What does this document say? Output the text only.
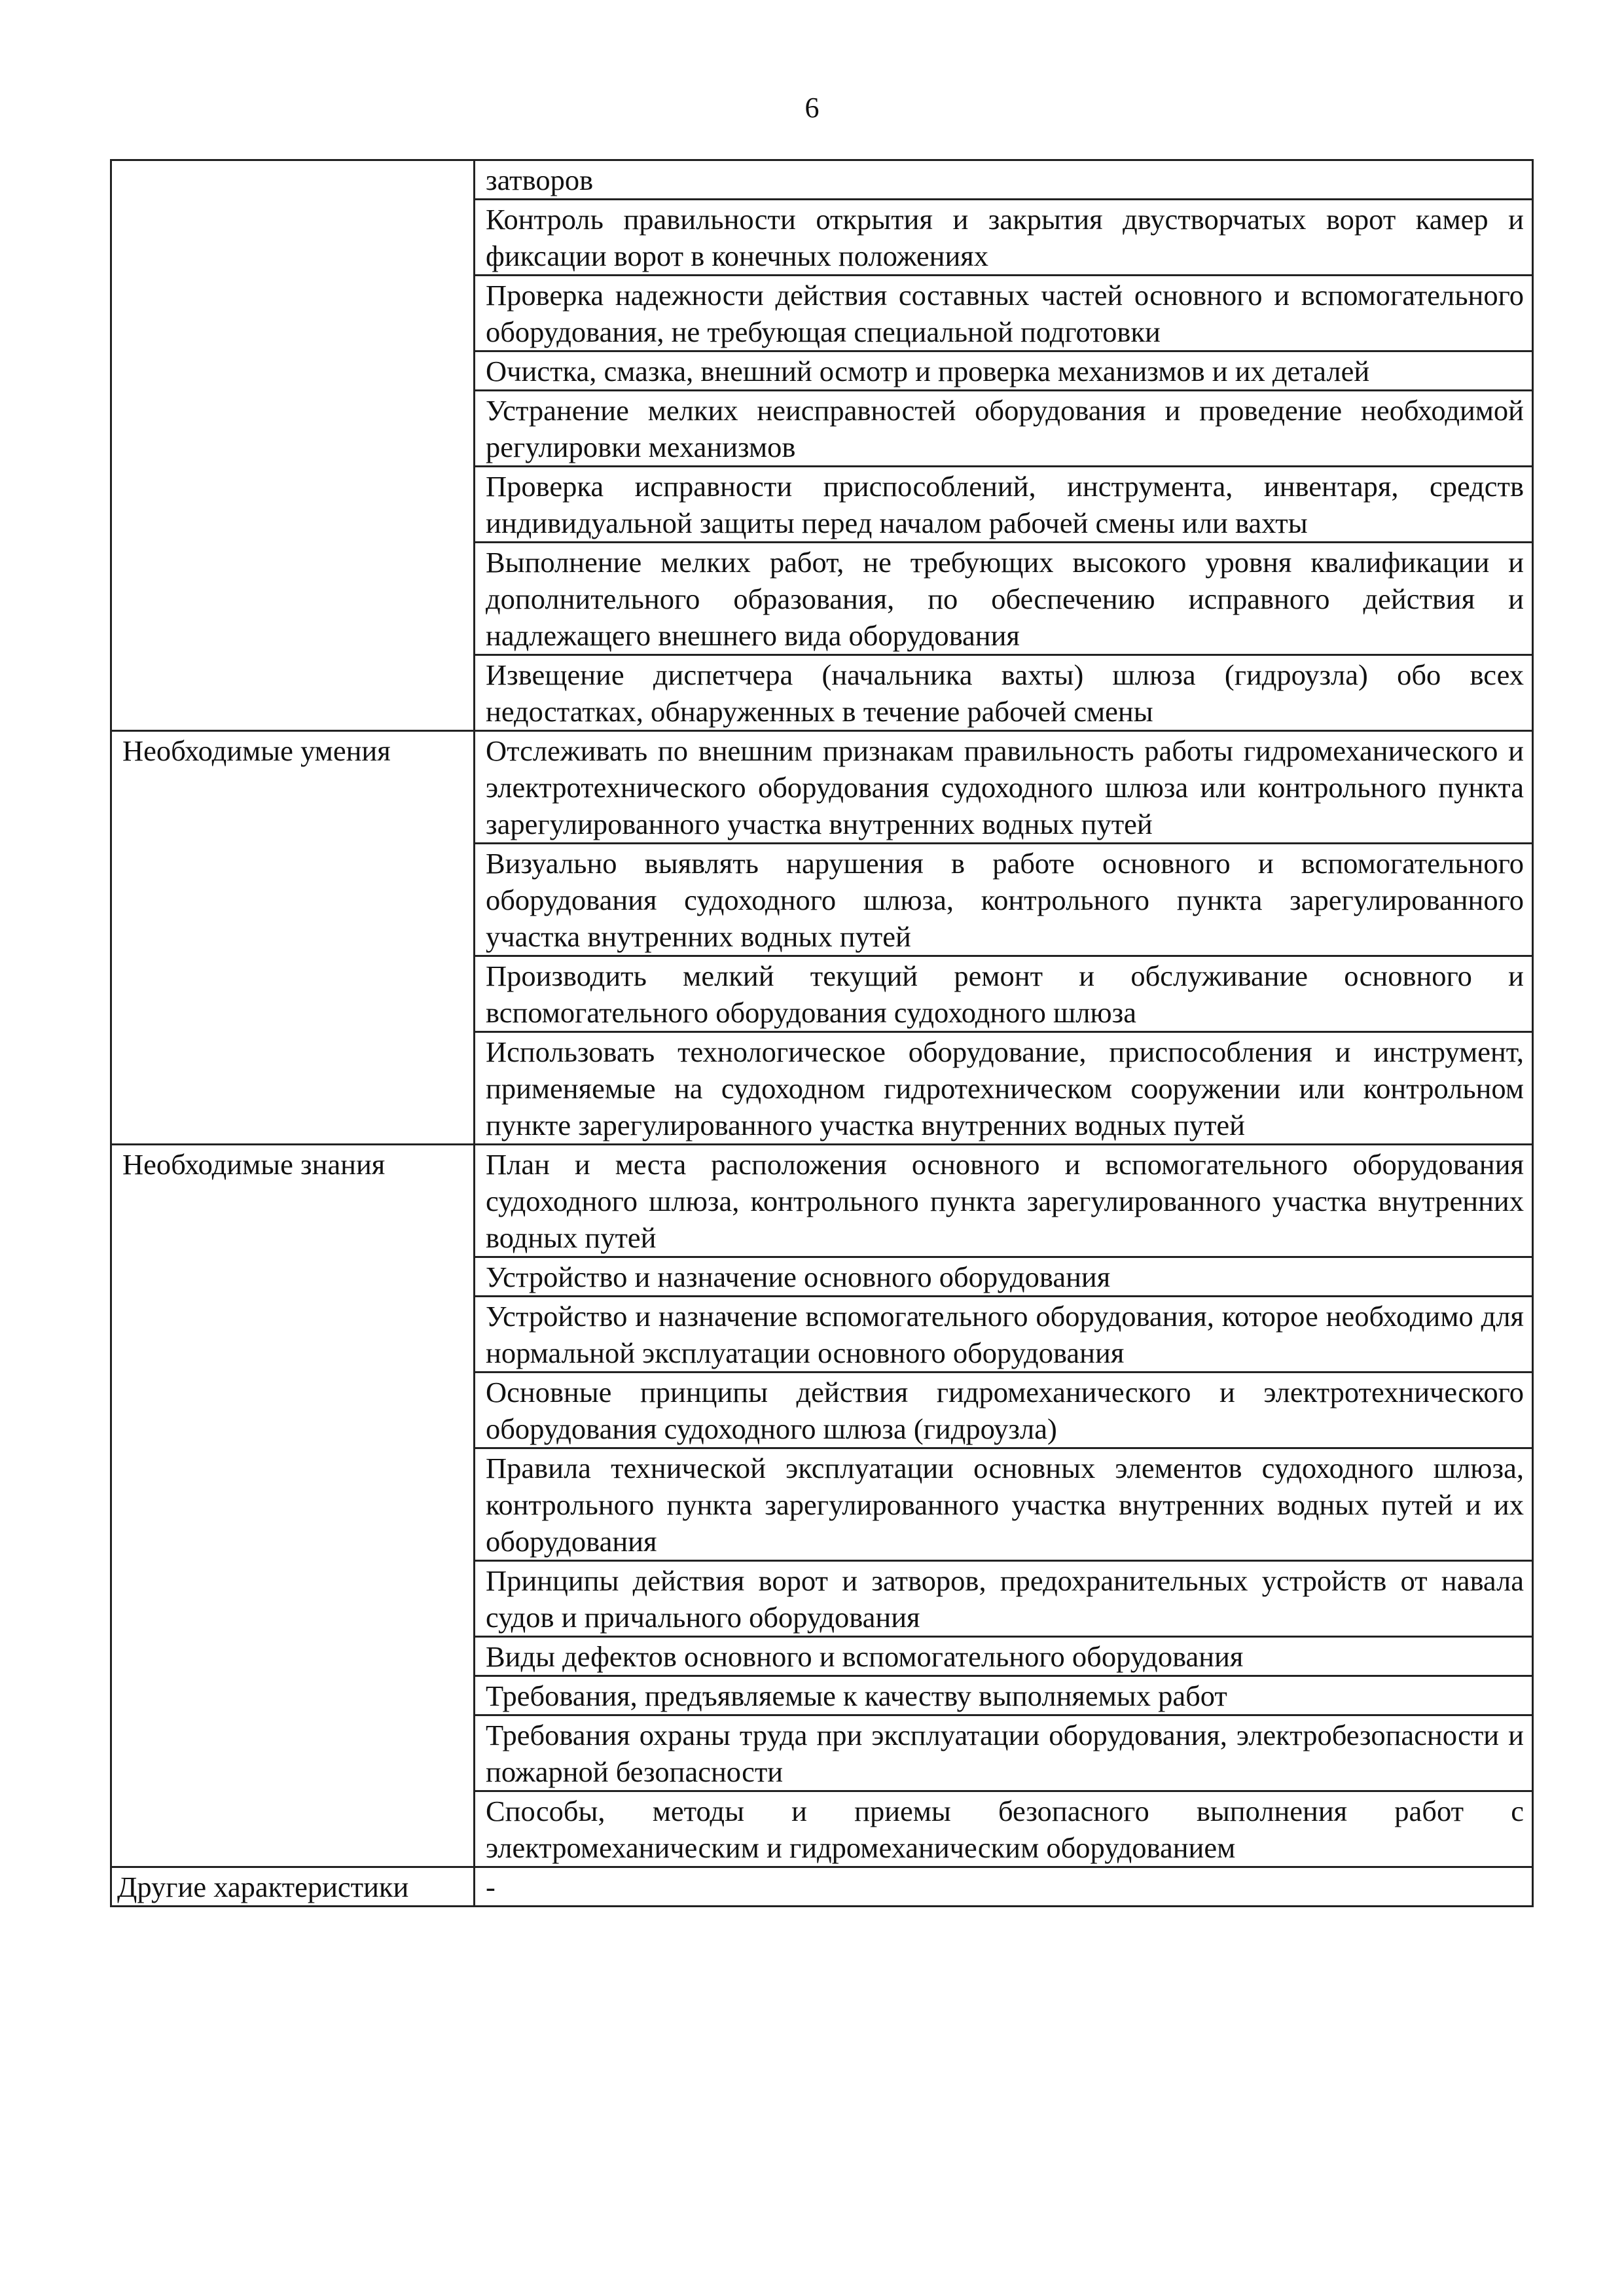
6
	затворов
	Контроль правильности открытия и закрытия двустворчатых ворот камер и фиксации ворот в конечных положениях
	Проверка надежности действия составных частей основного и вспомогательного оборудования, не требующая специальной подготовки
	Очистка, смазка, внешний осмотр и проверка механизмов и их деталей
	Устранение мелких неисправностей оборудования и проведение необходимой регулировки механизмов
	Проверка исправности приспособлений, инструмента, инвентаря, средств индивидуальной защиты перед началом рабочей смены или вахты
	Выполнение мелких работ, не требующих высокого уровня квалификации и дополнительного образования, по обеспечению исправного действия и надлежащего внешнего вида оборудования
	Извещение диспетчера (начальника вахты) шлюза (гидроузла) обо всех недостатках, обнаруженных в течение рабочей смены
Необходимые умения	Отслеживать по внешним признакам правильность работы гидромеханического и электротехнического оборудования судоходного шлюза или контрольного пункта зарегулированного участка внутренних водных путей
	Визуально выявлять нарушения в работе основного и вспомогательного оборудования судоходного шлюза, контрольного пункта зарегулированного участка внутренних водных путей
	Производить мелкий текущий ремонт и обслуживание основного и вспомогательного оборудования судоходного шлюза
	Использовать технологическое оборудование, приспособления и инструмент, применяемые на судоходном гидротехническом сооружении или контрольном пункте зарегулированного участка внутренних водных путей
Необходимые знания	План и места расположения основного и вспомогательного оборудования судоходного шлюза, контрольного пункта зарегулированного участка внутренних водных путей
	Устройство и назначение основного оборудования
	Устройство и назначение вспомогательного оборудования, которое необходимо для нормальной эксплуатации основного оборудования
	Основные принципы действия гидромеханического и электротехнического оборудования судоходного шлюза (гидроузла)
	Правила технической эксплуатации основных элементов судоходного шлюза, контрольного пункта зарегулированного участка внутренних водных путей и их оборудования
	Принципы действия ворот и затворов, предохранительных устройств от навала судов и причального оборудования
	Виды дефектов основного и вспомогательного оборудования
	Требования, предъявляемые к качеству выполняемых работ
	Требования охраны труда при эксплуатации оборудования, электробезопасности и пожарной безопасности
	Способы, методы и приемы безопасного выполнения работ с электромеханическим и гидромеханическим оборудованием
Другие характеристики	-
